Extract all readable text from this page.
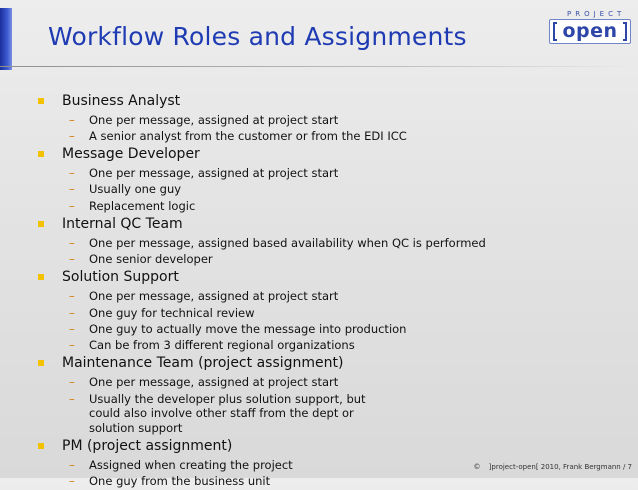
Workflow Roles and Assignments
PROJECT
open
Business Analyst
– One per message, assigned at project start
– A senior analyst from the customer or from the EDI ICC
Message Developer
– One per message, assigned at project start
– Usually one guy
– Replacement logic
Internal QC Team
– One per message, assigned based availability when QC is performed
– One senior developer
Solution Support
– One per message, assigned at project start
– One guy for technical review
– One guy to actually move the message into production
– Can be from 3 different regional organizations
Maintenance Team (project assignment)
– One per message, assigned at project start
– Usually the developer plus solution support, but
could also involve other staff from the dept or
solution support
PM (project assignment)
– Assigned when creating the project
– One guy from the business unit
© ]project-open[ 2010, Frank Bergmann / 7
